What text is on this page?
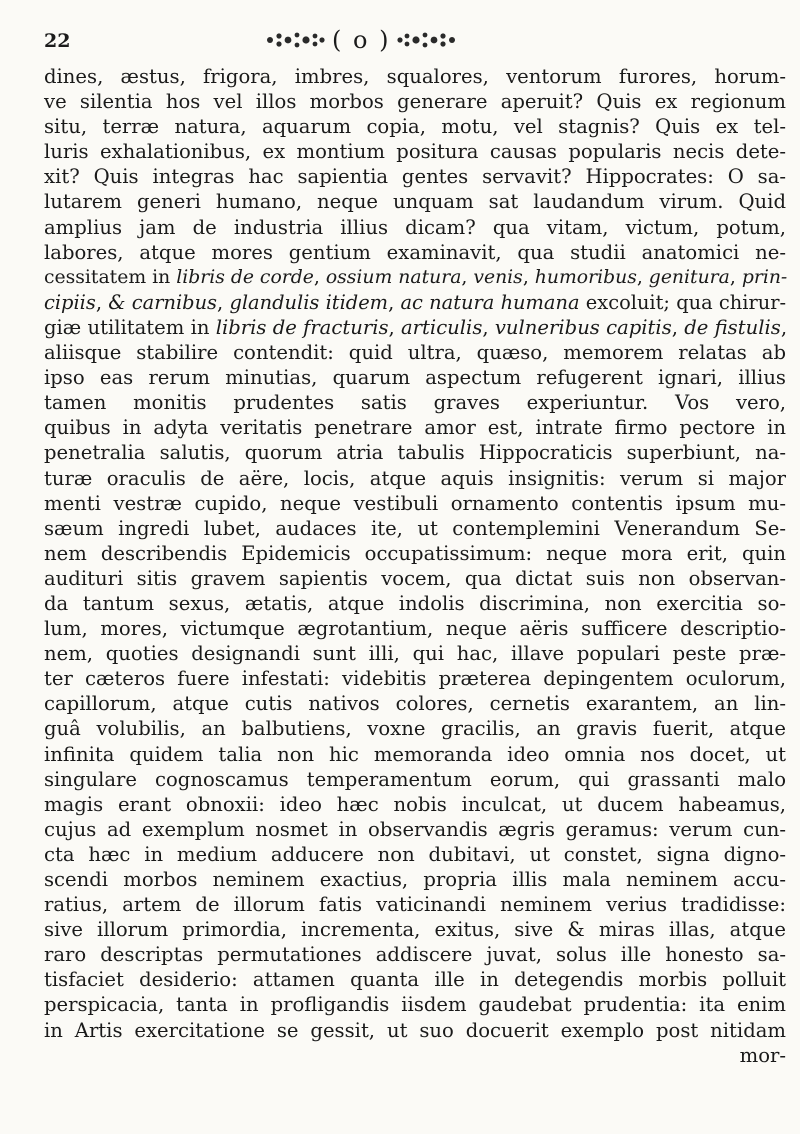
22	( o )
dines, æstus, frigora, imbres, squalores, ventorum furores, horum-
ve silentia hos vel illos morbos generare aperuit? Quis ex regionum
situ, terræ natura, aquarum copia, motu, vel stagnis? Quis ex tel-
luris exhalationibus, ex montium positura causas popularis necis dete-
xit? Quis integras hac sapientia gentes servavit? Hippocrates: O sa-
lutarem generi humano, neque unquam sat laudandum virum. Quid
amplius jam de industria illius dicam? qua vitam, victum, potum,
labores, atque mores gentium examinavit, qua studii anatomici ne-
cessitatem in libris de corde, ossium natura, venis, humoribus, genitura, prin-
cipiis, & carnibus, glandulis itidem, ac natura humana excoluit; qua chirur-
giæ utilitatem in libris de fracturis, articulis, vulneribus capitis, de fistulis,
aliisque stabilire contendit: quid ultra, quæso, memorem relatas ab
ipso eas rerum minutias, quarum aspectum refugerent ignari, illius
tamen monitis prudentes satis graves experiuntur. Vos vero,
quibus in adyta veritatis penetrare amor est, intrate firmo pectore in
penetralia salutis, quorum atria tabulis Hippocraticis superbiunt, na-
turæ oraculis de aëre, locis, atque aquis insignitis: verum si major
menti vestræ cupido, neque vestibuli ornamento contentis ipsum mu-
sæum ingredi lubet, audaces ite, ut contemplemini Venerandum Se-
nem describendis Epidemicis occupatissimum: neque mora erit, quin
audituri sitis gravem sapientis vocem, qua dictat suis non observan-
da tantum sexus, ætatis, atque indolis discrimina, non exercitia so-
lum, mores, victumque ægrotantium, neque aëris sufficere descriptio-
nem, quoties designandi sunt illi, qui hac, illave populari peste præ-
ter cæteros fuere infestati: videbitis præterea depingentem oculorum,
capillorum, atque cutis nativos colores, cernetis exarantem, an lin-
guâ volubilis, an balbutiens, voxne gracilis, an gravis fuerit, atque
infinita quidem talia non hic memoranda ideo omnia nos docet, ut
singulare cognoscamus temperamentum eorum, qui grassanti malo
magis erant obnoxii: ideo hæc nobis inculcat, ut ducem habeamus,
cujus ad exemplum nosmet in observandis ægris geramus: verum cun-
cta hæc in medium adducere non dubitavi, ut constet, signa digno-
scendi morbos neminem exactius, propria illis mala neminem accu-
ratius, artem de illorum fatis vaticinandi neminem verius tradidisse:
sive illorum primordia, incrementa, exitus, sive & miras illas, atque
raro descriptas permutationes addiscere juvat, solus ille honesto sa-
tisfaciet desiderio: attamen quanta ille in detegendis morbis polluit
perspicacia, tanta in profligandis iisdem gaudebat prudentia: ita enim
in Artis exercitatione se gessit, ut suo docuerit exemplo post nitidam
mor-
